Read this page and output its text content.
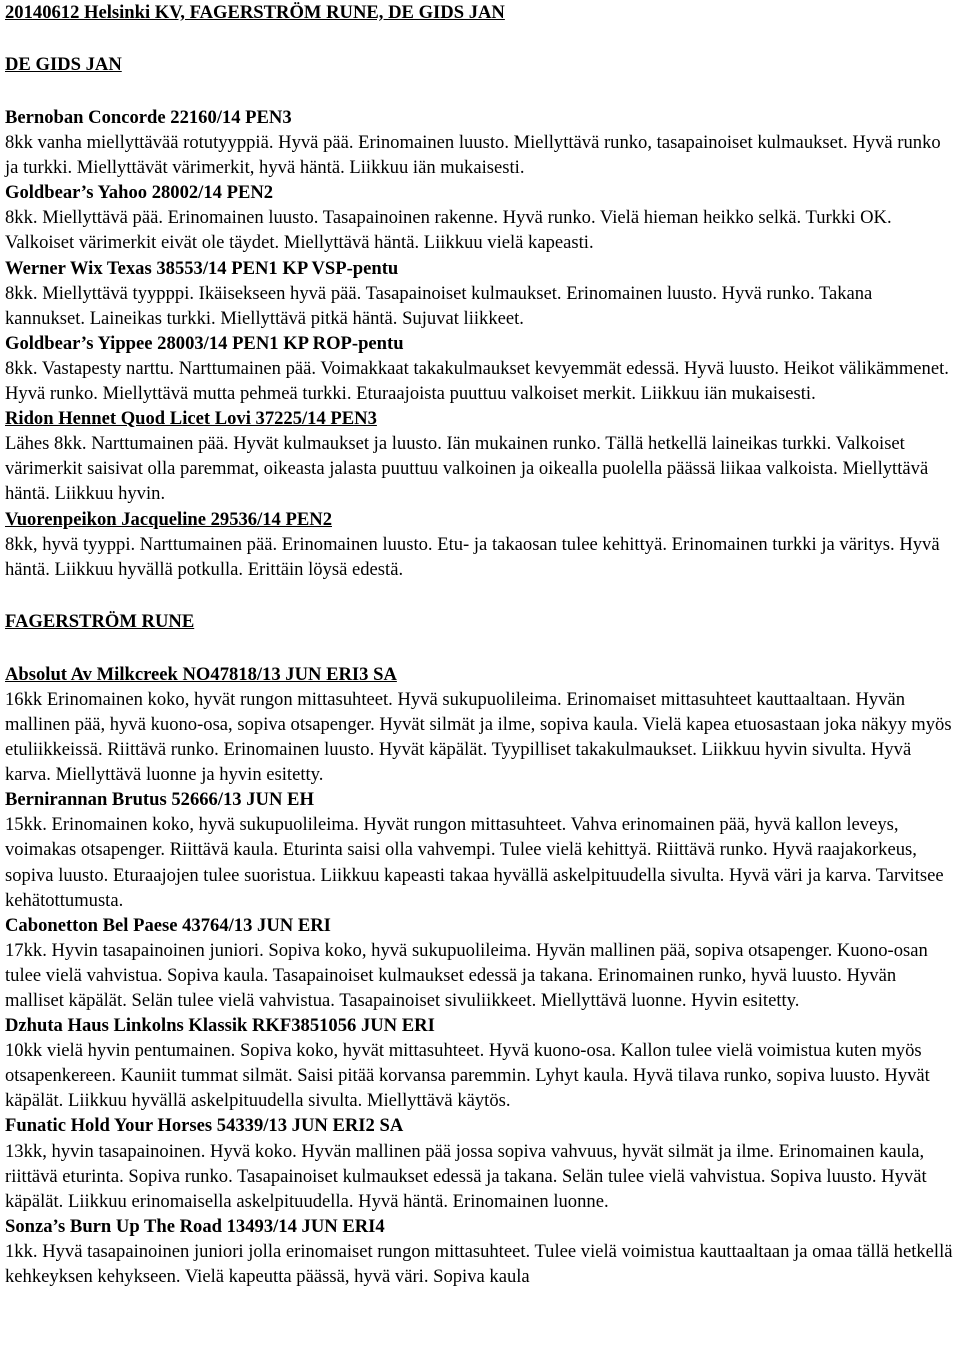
20140612 Helsinki KV, FAGERSTRÖM RUNE, DE GIDS JAN

DE GIDS JAN

Bernoban Concorde 22160/14 PEN3

8kk vanha miellyttävää rotutyyppiä. Hyvä pää. Erinomainen luusto. Miellyttävä runko, tasapainoiset kulmaukset. Hyvä runko ja turkki. Miellyttävät värimerkit, hyvä häntä. Liikkuu iän mukaisesti.

Goldbear’s Yahoo 28002/14 PEN2

8kk. Miellyttävä pää. Erinomainen luusto. Tasapainoinen rakenne. Hyvä runko. Vielä hieman heikko selkä. Turkki OK. Valkoiset värimerkit eivät ole täydet. Miellyttävä häntä. Liikkuu vielä kapeasti.

Werner Wix Texas 38553/14 PEN1 KP VSP-pentu

8kk. Miellyttävä tyypppi. Ikäisekseen hyvä pää. Tasapainoiset kulmaukset. Erinomainen luusto. Hyvä runko. Takana kannukset. Laineikas turkki. Miellyttävä pitkä häntä. Sujuvat liikkeet.

Goldbear’s Yippee 28003/14 PEN1 KP ROP-pentu

8kk. Vastapesty narttu. Narttumainen pää. Voimakkaat takakulmaukset kevyemmät edessä. Hyvä luusto. Heikot välikämmenet. Hyvä runko. Miellyttävä mutta pehmeä turkki. Eturaajoista puuttuu valkoiset merkit. Liikkuu iän mukaisesti.

Ridon Hennet Quod Licet Lovi 37225/14 PEN3

Lähes 8kk. Narttumainen pää. Hyvät kulmaukset ja luusto. Iän mukainen runko. Tällä hetkellä laineikas turkki. Valkoiset värimerkit saisivat olla paremmat, oikeasta jalasta puuttuu valkoinen ja oikealla puolella päässä liikaa valkoista. Miellyttävä häntä. Liikkuu hyvin.

Vuorenpeikon Jacqueline 29536/14 PEN2

8kk, hyvä tyyppi. Narttumainen pää. Erinomainen luusto. Etu- ja takaosan tulee kehittyä. Erinomainen turkki ja väritys. Hyvä häntä. Liikkuu hyvällä potkulla. Erittäin löysä edestä.

FAGERSTRÖM RUNE

Absolut Av Milkcreek NO47818/13 JUN ERI3 SA

16kk Erinomainen koko, hyvät rungon mittasuhteet. Hyvä sukupuolileima. Erinomaiset mittasuhteet kauttaaltaan. Hyvän mallinen pää, hyvä kuono-osa, sopiva otsapenger. Hyvät silmät ja ilme, sopiva kaula. Vielä kapea etuosastaan joka näkyy myös etuliikkeissä. Riittävä runko. Erinomainen luusto. Hyvät käpälät. Tyypilliset takakulmaukset. Liikkuu hyvin sivulta. Hyvä karva. Miellyttävä luonne ja hyvin esitetty.

Bernirannan Brutus 52666/13 JUN EH

15kk. Erinomainen koko, hyvä sukupuolileima. Hyvät rungon mittasuhteet. Vahva erinomainen pää, hyvä kallon leveys, voimakas otsapenger. Riittävä kaula. Eturinta saisi olla vahvempi. Tulee vielä kehittyä. Riittävä runko. Hyvä raajakorkeus, sopiva luusto. Eturaajojen tulee suoristua. Liikkuu kapeasti takaa hyvällä askelpituudella sivulta. Hyvä väri ja karva. Tarvitsee kehätottumusta.

Cabonetton Bel Paese 43764/13 JUN ERI

17kk. Hyvin tasapainoinen juniori. Sopiva koko, hyvä sukupuolileima. Hyvän mallinen pää, sopiva otsapenger. Kuono-osan tulee vielä vahvistua. Sopiva kaula. Tasapainoiset kulmaukset edessä ja takana. Erinomainen runko, hyvä luusto. Hyvän malliset käpälät. Selän tulee vielä vahvistua. Tasapainoiset sivuliikkeet. Miellyttävä luonne. Hyvin esitetty.

Dzhuta Haus Linkolns Klassik RKF3851056 JUN ERI

10kk vielä hyvin pentumainen. Sopiva koko, hyvät mittasuhteet. Hyvä kuono-osa. Kallon tulee vielä voimistua kuten myös otsapenkereen. Kauniit tummat silmät. Saisi pitää korvansa paremmin. Lyhyt kaula. Hyvä tilava runko, sopiva luusto. Hyvät käpälät. Liikkuu hyvällä askelpituudella sivulta. Miellyttävä käytös.

Funatic Hold Your Horses 54339/13 JUN ERI2 SA

13kk, hyvin tasapainoinen. Hyvä koko. Hyvän mallinen pää jossa sopiva vahvuus, hyvät silmät ja ilme. Erinomainen kaula, riittävä eturinta. Sopiva runko. Tasapainoiset kulmaukset edessä ja takana. Selän tulee vielä vahvistua. Sopiva luusto. Hyvät käpälät. Liikkuu erinomaisella askelpituudella. Hyvä häntä. Erinomainen luonne.

Sonza’s Burn Up The Road 13493/14 JUN ERI4

1kk. Hyvä tasapainoinen juniori jolla erinomaiset rungon mittasuhteet. Tulee vielä voimistua kauttaaltaan ja omaa tällä hetkellä kehkeyksen kehykseen. Vielä kapeutta päässä, hyvä väri. Sopiva kaula
